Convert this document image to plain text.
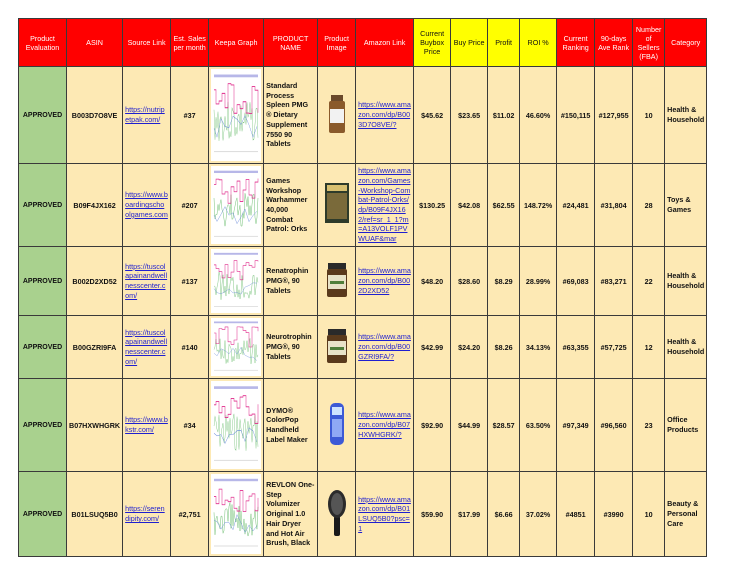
Product Evaluation	ASIN	Source Link	Est. Sales per month	Keepa Graph	PRODUCT NAME	Product Image	Amazon Link	Current Buybox Price	Buy Price	Profit	ROI %	Current Ranking	90-days Ave Rank	Number of Sellers (FBA)	Category
APPROVED	B003D7O8VE	https://nutripetpak.com/	#37		Standard Process Spleen PMG ® Dietary Supplement 7550 90 Tablets		https://www.amazon.com/dp/B003D7O8VE/?	$45.62	$23.65	$11.02	46.60%	#150,115	#127,955	10	Health & Household
APPROVED	B09F4JX162	https://www.boardingschoolgames.com	#207		Games Workshop Warhammer 40,000 Combat Patrol: Orks		https://www.amazon.com/Games-Workshop-Combat-Patrol-Orks/dp/B09F4JX162/ref=sr_1_1?m=A13VOLF1PVWUAF&mar	$130.25	$42.08	$62.55	148.72%	#24,481	#31,804	28	Toys & Games
APPROVED	B002D2XD52	https://tuscolapainandwellnesscenter.com/	#137		Renatrophin PMG®, 90 Tablets		https://www.amazon.com/dp/B002D2XD52	$48.20	$28.60	$8.29	28.99%	#69,083	#83,271	22	Health & Household
APPROVED	B00GZRI9FA	https://tuscolapainandwellnesscenter.com/	#140		Neurotrophin PMG®, 90 Tablets		https://www.amazon.com/dp/B00GZRI9FA/?	$42.99	$24.20	$8.26	34.13%	#63,355	#57,725	12	Health & Household
APPROVED	B07HXWHGRK	https://www.bkstr.com/	#34		DYMO® ColorPop Handheld Label Maker		https://www.amazon.com/dp/B07HXWHGRK/?	$92.90	$44.99	$28.57	63.50%	#97,349	#96,560	23	Office Products
APPROVED	B01LSUQ5B0	https://serendipity.com/	#2,751		REVLON One-Step Volumizer Original 1.0 Hair Dryer and Hot Air Brush, Black		https://www.amazon.com/dp/B01LSUQ5B0?psc=1	$59.90	$17.99	$6.66	37.02%	#4851	#3990	10	Beauty & Personal Care
